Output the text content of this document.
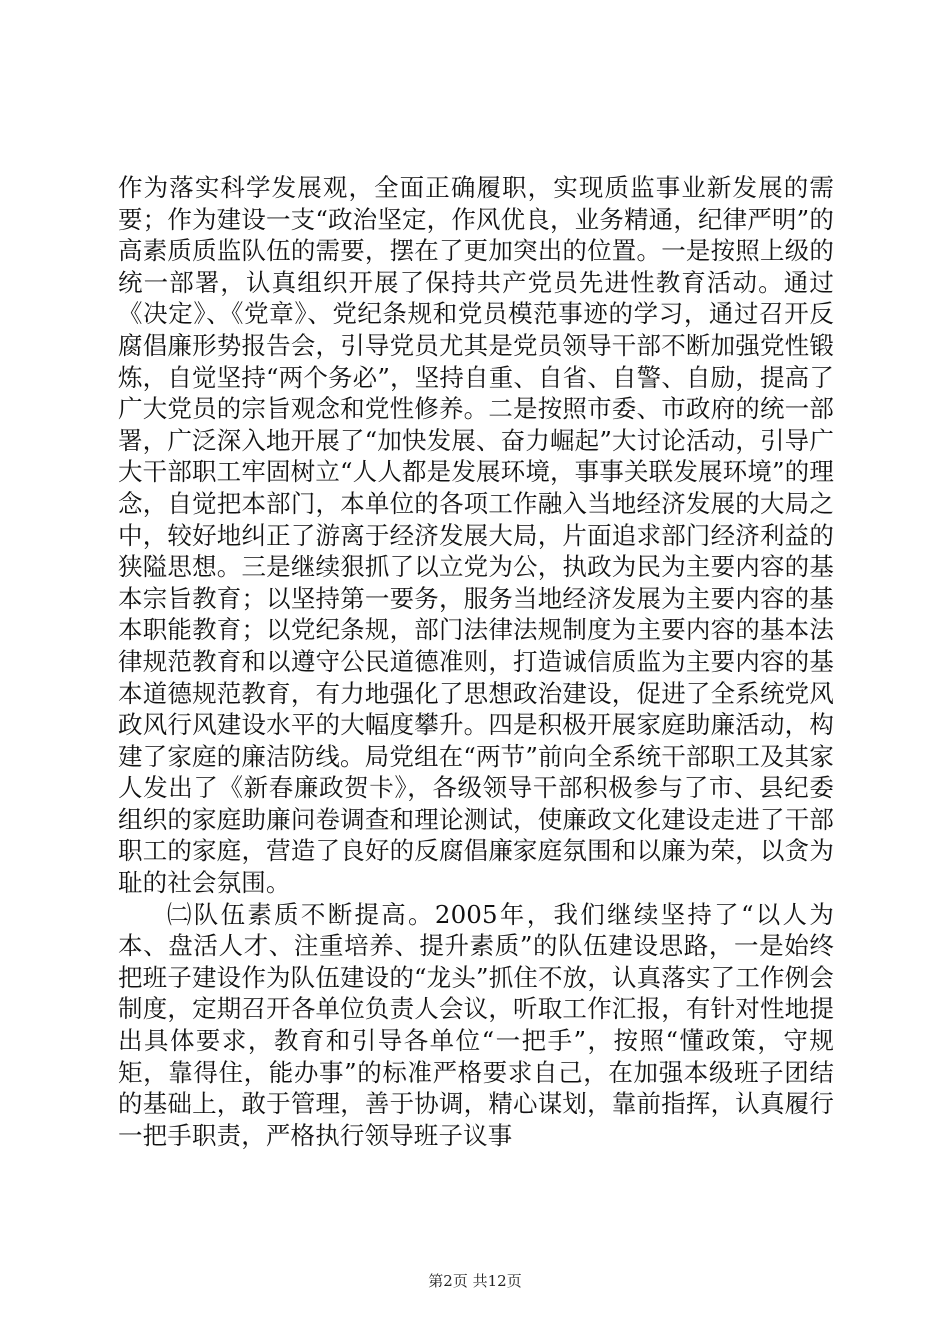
作为落实科学发展观，全面正确履职，实现质监事业新发展的需要；作为建设一支“政治坚定，作风优良，业务精通，纪律严明”的高素质质监队伍的需要，摆在了更加突出的位置。一是按照上级的统一部署，认真组织开展了保持共产党员先进性教育活动。通过《决定》、《党章》、党纪条规和党员模范事迹的学习，通过召开反腐倡廉形势报告会，引导党员尤其是党员领导干部不断加强党性锻炼，自觉坚持“两个务必”，坚持自重、自省、自警、自励，提高了广大党员的宗旨观念和党性修养。二是按照市委、市政府的统一部署，广泛深入地开展了“加快发展、奋力崛起”大讨论活动，引导广大干部职工牢固树立“人人都是发展环境，事事关联发展环境”的理念，自觉把本部门，本单位的各项工作融入当地经济发展的大局之中，较好地纠正了游离于经济发展大局，片面追求部门经济利益的狭隘思想。三是继续狠抓了以立党为公，执政为民为主要内容的基本宗旨教育；以坚持第一要务，服务当地经济发展为主要内容的基本职能教育；以党纪条规，部门法律法规制度为主要内容的基本法律规范教育和以遵守公民道德准则，打造诚信质监为主要内容的基本道德规范教育，有力地强化了思想政治建设，促进了全系统党风政风行风建设水平的大幅度攀升。四是积极开展家庭助廉活动，构建了家庭的廉洁防线。局党组在“两节”前向全系统干部职工及其家人发出了《新春廉政贺卡》，各级领导干部积极参与了市、县纪委组织的家庭助廉问卷调查和理论测试，使廉政文化建设走进了干部职工的家庭，营造了良好的反腐倡廉家庭氛围和以廉为荣，以贪为耻的社会氛围。

㈡队伍素质不断提高。2005年，我们继续坚持了“以人为本、盘活人才、注重培养、提升素质”的队伍建设思路，一是始终把班子建设作为队伍建设的“龙头”抓住不放，认真落实了工作例会制度，定期召开各单位负责人会议，听取工作汇报，有针对性地提出具体要求，教育和引导各单位“一把手”，按照“懂政策，守规矩，靠得住，能办事”的标准严格要求自己，在加强本级班子团结的基础上，敢于管理，善于协调，精心谋划，靠前指挥，认真履行一把手职责，严格执行领导班子议事

第2页 共12页
